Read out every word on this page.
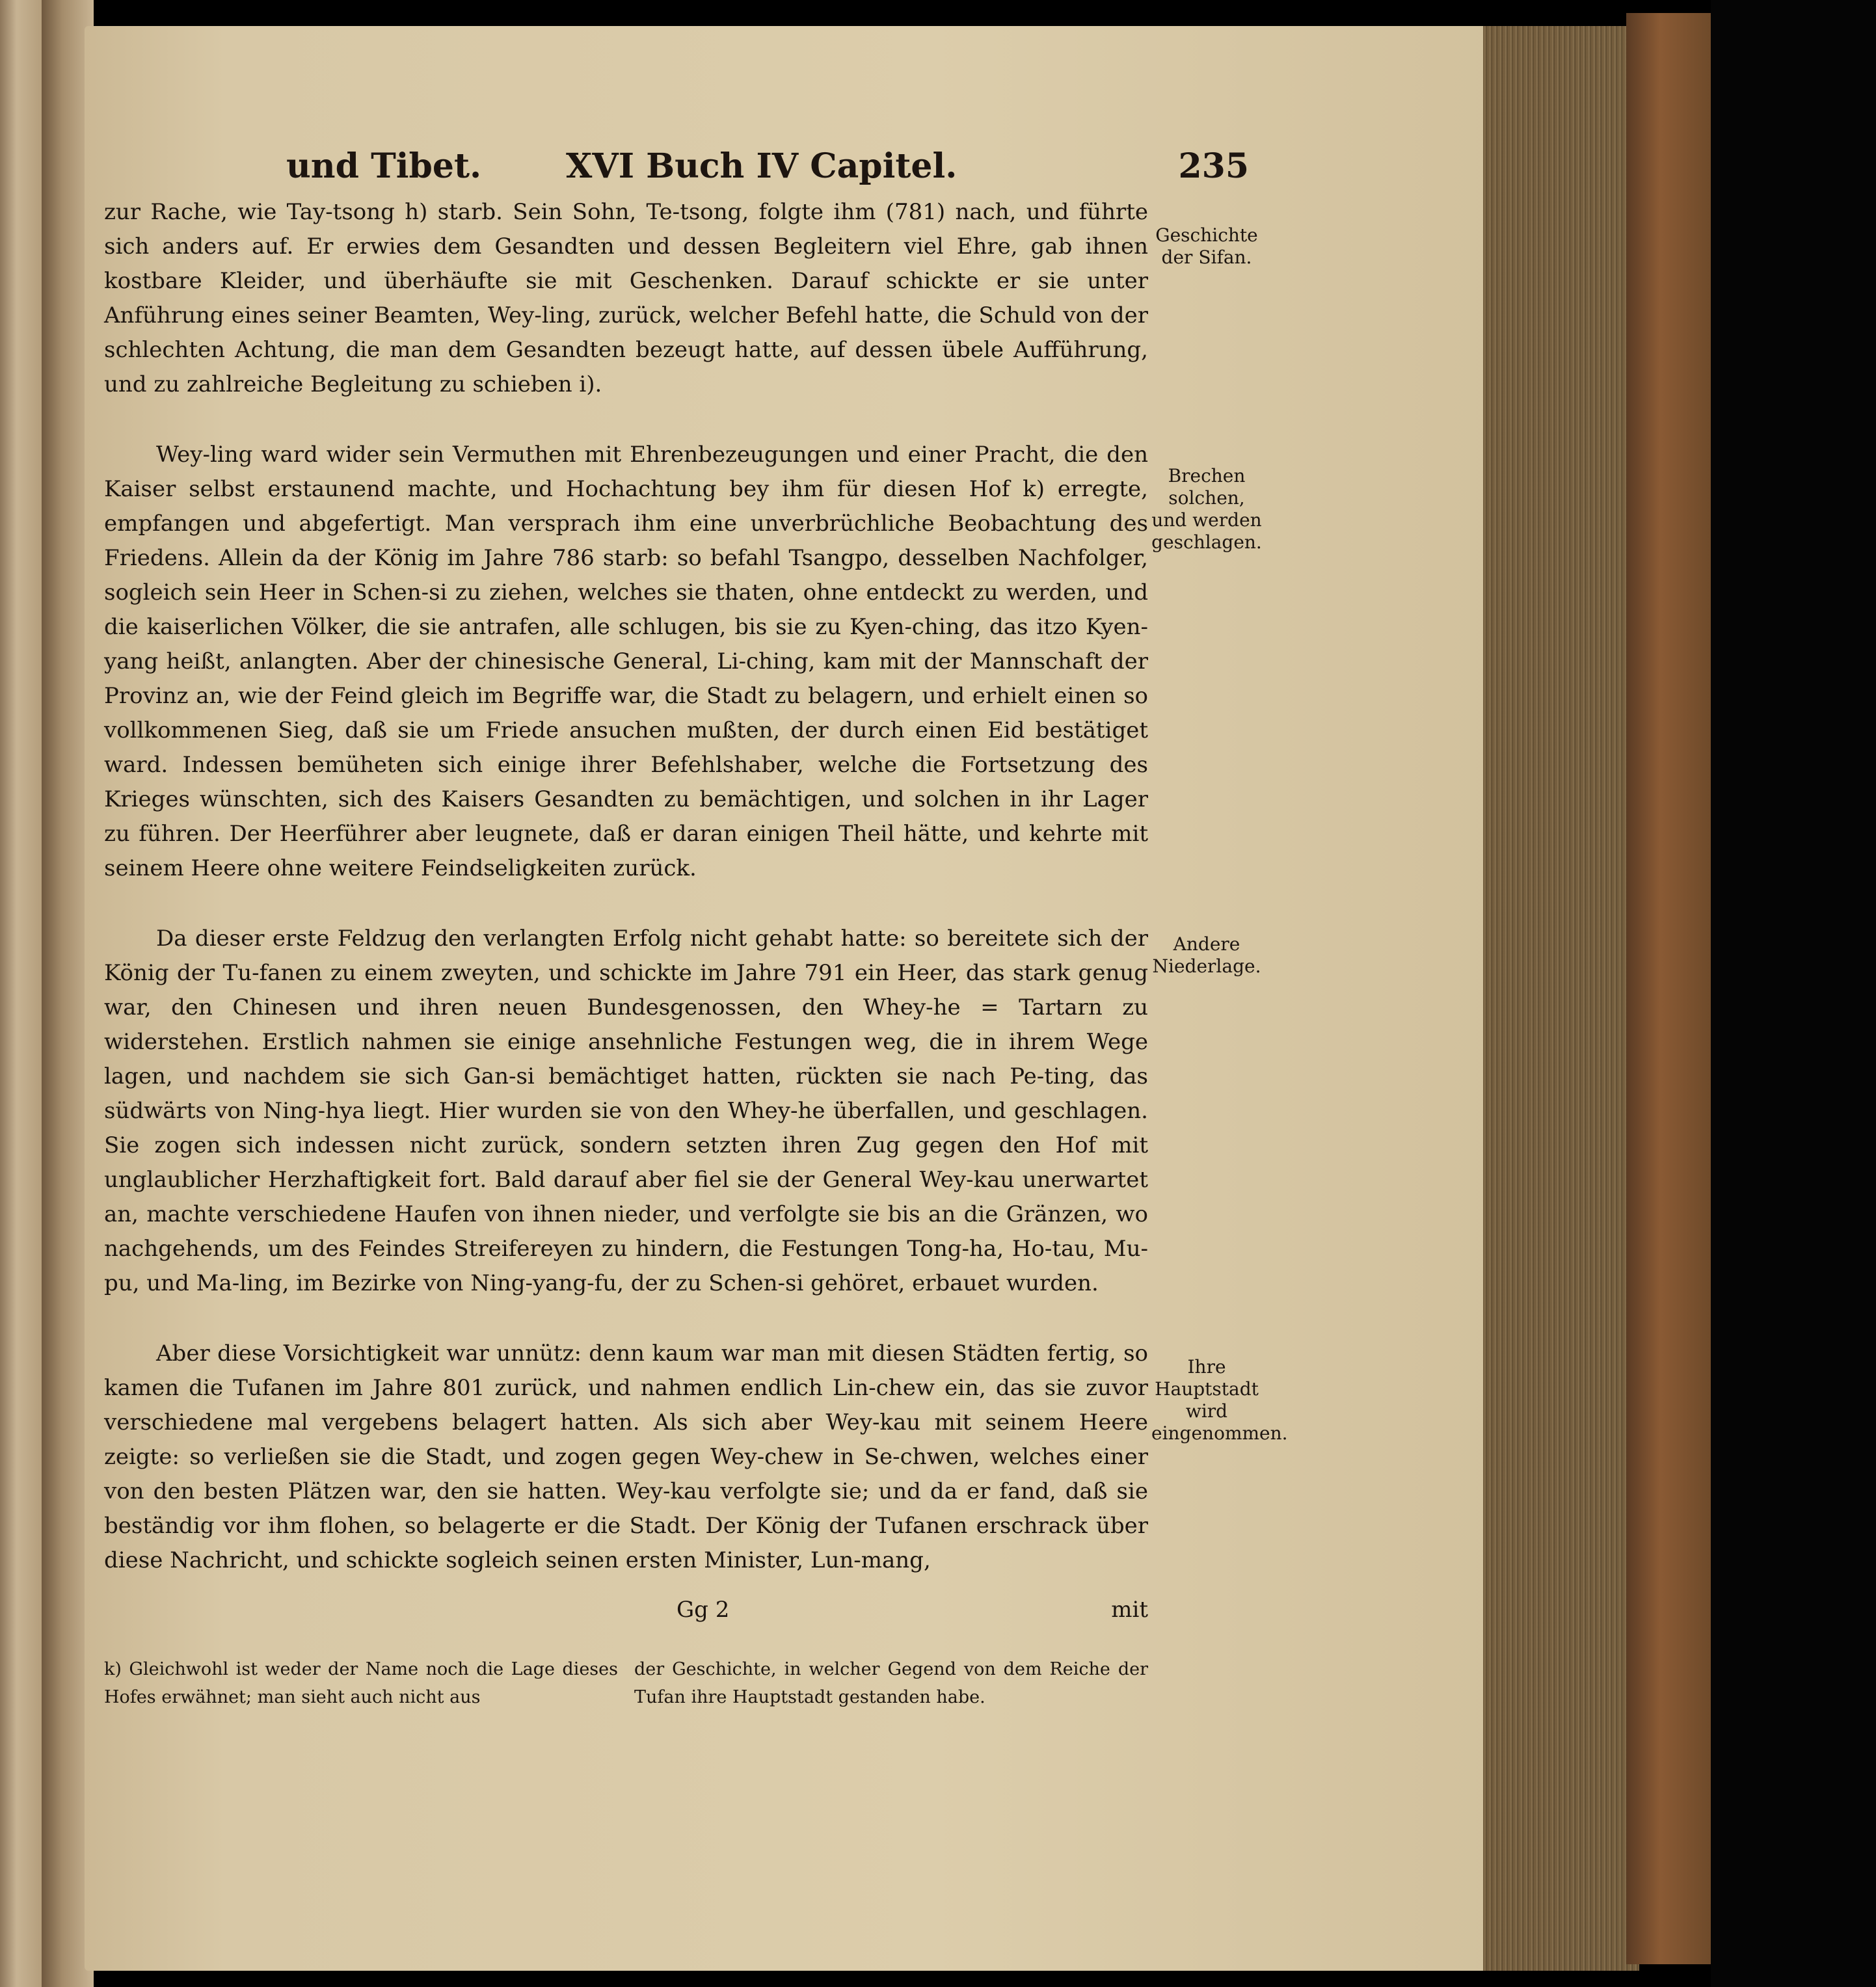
und Tibet. XVI Buch IV Capitel.	235

zur Rache, wie Tay-tsong h) starb. Sein Sohn, Te-tsong, folgte ihm (781) nach, und führte sich anders auf. Er erwies dem Gesandten und dessen Begleitern viel Ehre, gab ihnen kostbare Kleider, und überhäufte sie mit Geschenken. Darauf schickte er sie unter Anführung eines seiner Beamten, Wey-ling, zurück, welcher Befehl hatte, die Schuld von der schlechten Achtung, die man dem Gesandten bezeugt hatte, auf dessen übele Aufführung, und zu zahlreiche Begleitung zu schieben i).

Wey-ling ward wider sein Vermuthen mit Ehrenbezeugungen und einer Pracht, die den Kaiser selbst erstaunend machte, und Hochachtung bey ihm für diesen Hof k) erregte, empfangen und abgefertigt. Man versprach ihm eine unverbrüchliche Beobachtung des Friedens. Allein da der König im Jahre 786 starb: so befahl Tsangpo, desselben Nachfolger, sogleich sein Heer in Schen-si zu ziehen, welches sie thaten, ohne entdeckt zu werden, und die kaiserlichen Völker, die sie antrafen, alle schlugen, bis sie zu Kyen-ching, das itzo Kyen-yang heißt, anlangten. Aber der chinesische General, Li-ching, kam mit der Mannschaft der Provinz an, wie der Feind gleich im Begriffe war, die Stadt zu belagern, und erhielt einen so vollkommenen Sieg, daß sie um Friede ansuchen mußten, der durch einen Eid bestätiget ward. Indessen bemüheten sich einige ihrer Befehlshaber, welche die Fortsetzung des Krieges wünschten, sich des Kaisers Gesandten zu bemächtigen, und solchen in ihr Lager zu führen. Der Heerführer aber leugnete, daß er daran einigen Theil hätte, und kehrte mit seinem Heere ohne weitere Feindseligkeiten zurück.

Da dieser erste Feldzug den verlangten Erfolg nicht gehabt hatte: so bereitete sich der König der Tu-fanen zu einem zweyten, und schickte im Jahre 791 ein Heer, das stark genug war, den Chinesen und ihren neuen Bundesgenossen, den Whey-he = Tartarn zu widerstehen. Erstlich nahmen sie einige ansehnliche Festungen weg, die in ihrem Wege lagen, und nachdem sie sich Gan-si bemächtiget hatten, rückten sie nach Pe-ting, das südwärts von Ning-hya liegt. Hier wurden sie von den Whey-he überfallen, und geschlagen. Sie zogen sich indessen nicht zurück, sondern setzten ihren Zug gegen den Hof mit unglaublicher Herzhaftigkeit fort. Bald darauf aber fiel sie der General Wey-kau unerwartet an, machte verschiedene Haufen von ihnen nieder, und verfolgte sie bis an die Gränzen, wo nachgehends, um des Feindes Streifereyen zu hindern, die Festungen Tong-ha, Ho-tau, Mu-pu, und Ma-ling, im Bezirke von Ning-yang-fu, der zu Schen-si gehöret, erbauet wurden.

Aber diese Vorsichtigkeit war unnütz: denn kaum war man mit diesen Städten fertig, so kamen die Tufanen im Jahre 801 zurück, und nahmen endlich Lin-chew ein, das sie zuvor verschiedene mal vergebens belagert hatten. Als sich aber Wey-kau mit seinem Heere zeigte: so verließen sie die Stadt, und zogen gegen Wey-chew in Se-chwen, welches einer von den besten Plätzen war, den sie hatten. Wey-kau verfolgte sie; und da er fand, daß sie beständig vor ihm flohen, so belagerte er die Stadt. Der König der Tufanen erschrack über diese Nachricht, und schickte sogleich seinen ersten Minister, Lun-mang,

Geschichte der Sifan.
Brechen solchen, und werden geschlagen.
Andere Niederlage.
Ihre Hauptstadt wird eingenommen.
Gg 2	mit
k) Gleichwohl ist weder der Name noch die Lage dieses Hofes erwähnet; man sieht auch nicht aus
der Geschichte, in welcher Gegend von dem Reiche der Tufan ihre Hauptstadt gestanden habe.
